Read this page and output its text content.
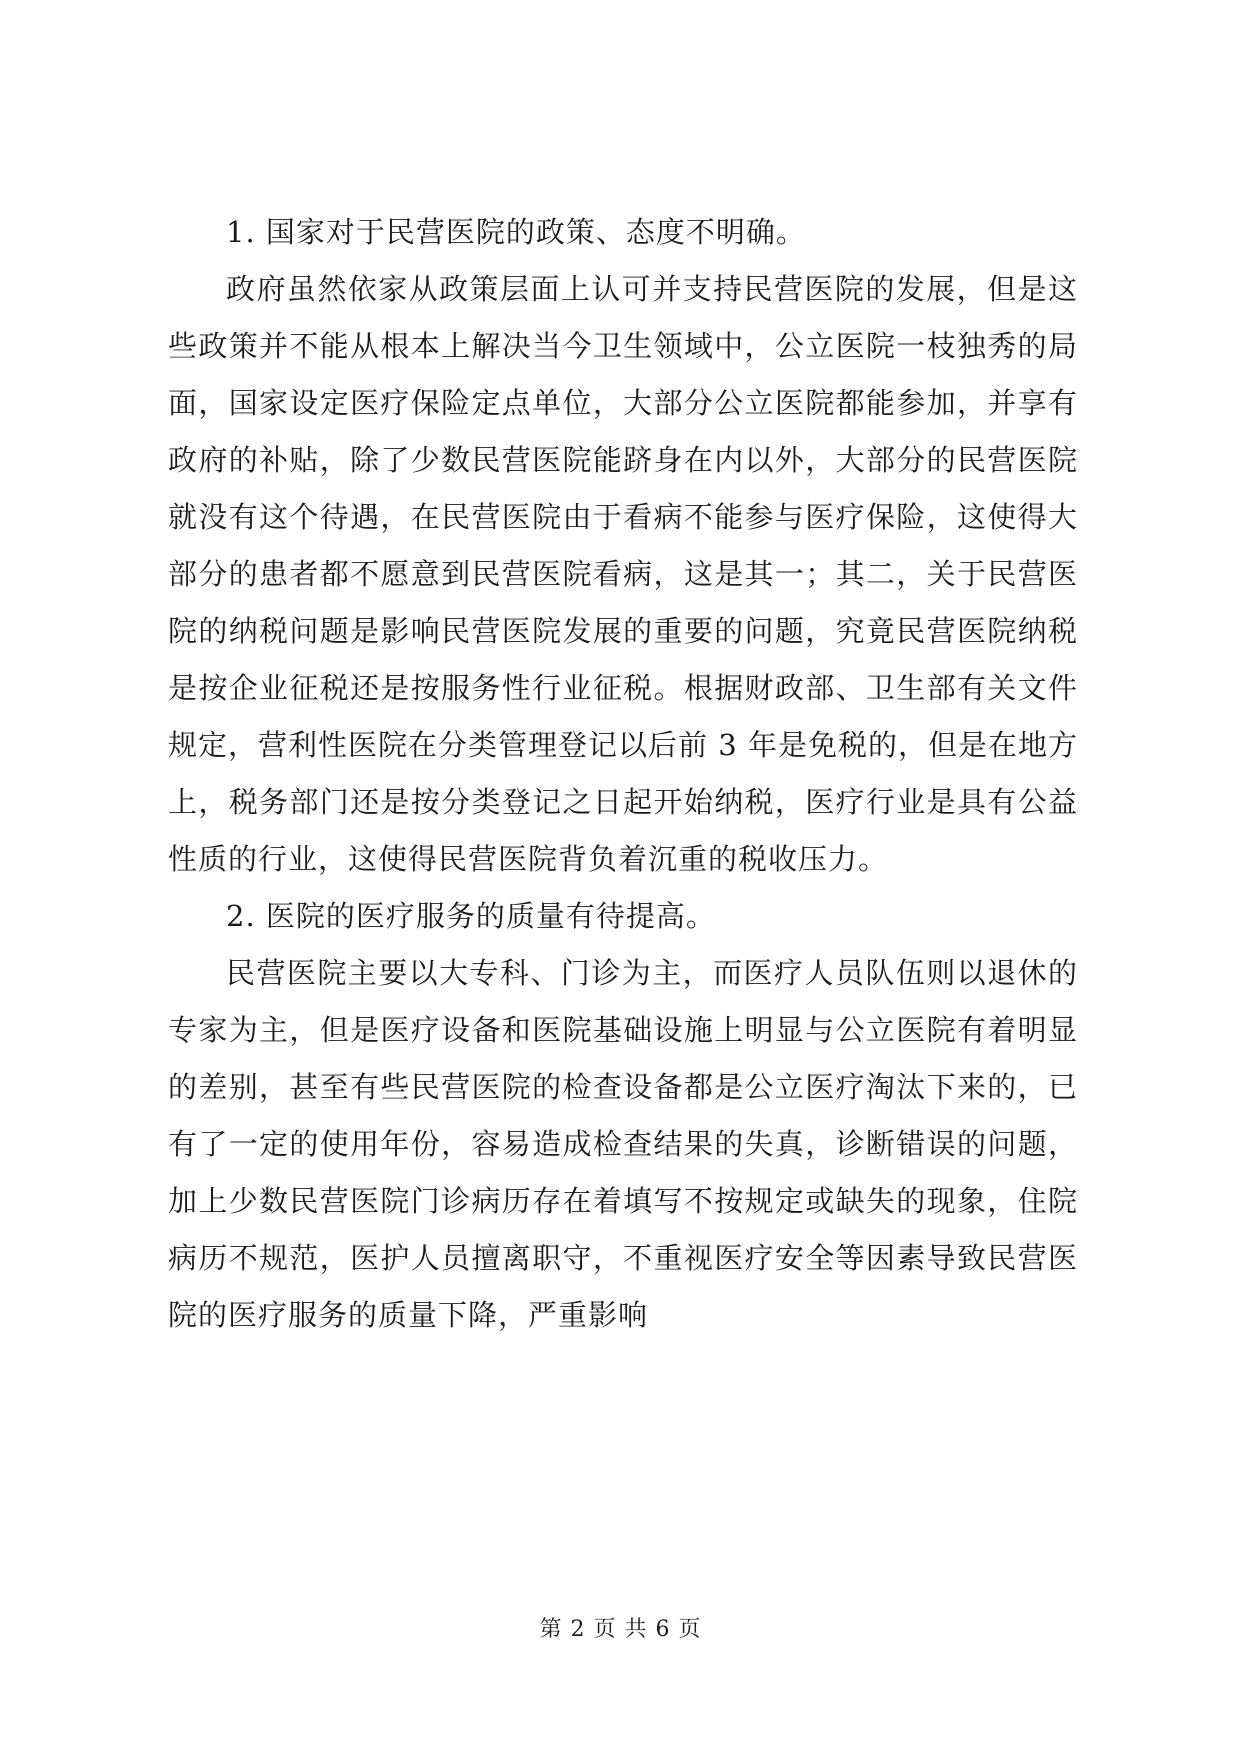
1. 国家对于民营医院的政策、态度不明确。

政府虽然依家从政策层面上认可并支持民营医院的发展，但是这些政策并不能从根本上解决当今卫生领域中，公立医院一枝独秀的局面，国家设定医疗保险定点单位，大部分公立医院都能参加，并享有政府的补贴，除了少数民营医院能跻身在内以外，大部分的民营医院就没有这个待遇，在民营医院由于看病不能参与医疗保险，这使得大部分的患者都不愿意到民营医院看病，这是其一；其二，关于民营医院的纳税问题是影响民营医院发展的重要的问题，究竟民营医院纳税是按企业征税还是按服务性行业征税。根据财政部、卫生部有关文件规定，营利性医院在分类管理登记以后前 3 年是免税的，但是在地方上，税务部门还是按分类登记之日起开始纳税，医疗行业是具有公益性质的行业，这使得民营医院背负着沉重的税收压力。

2. 医院的医疗服务的质量有待提高。

民营医院主要以大专科、门诊为主，而医疗人员队伍则以退休的专家为主，但是医疗设备和医院基础设施上明显与公立医院有着明显的差别，甚至有些民营医院的检查设备都是公立医疗淘汰下来的，已有了一定的使用年份，容易造成检查结果的失真，诊断错误的问题，加上少数民营医院门诊病历存在着填写不按规定或缺失的现象，住院病历不规范，医护人员擅离职守，不重视医疗安全等因素导致民营医院的医疗服务的质量下降，严重影响

第 2 页 共 6 页
